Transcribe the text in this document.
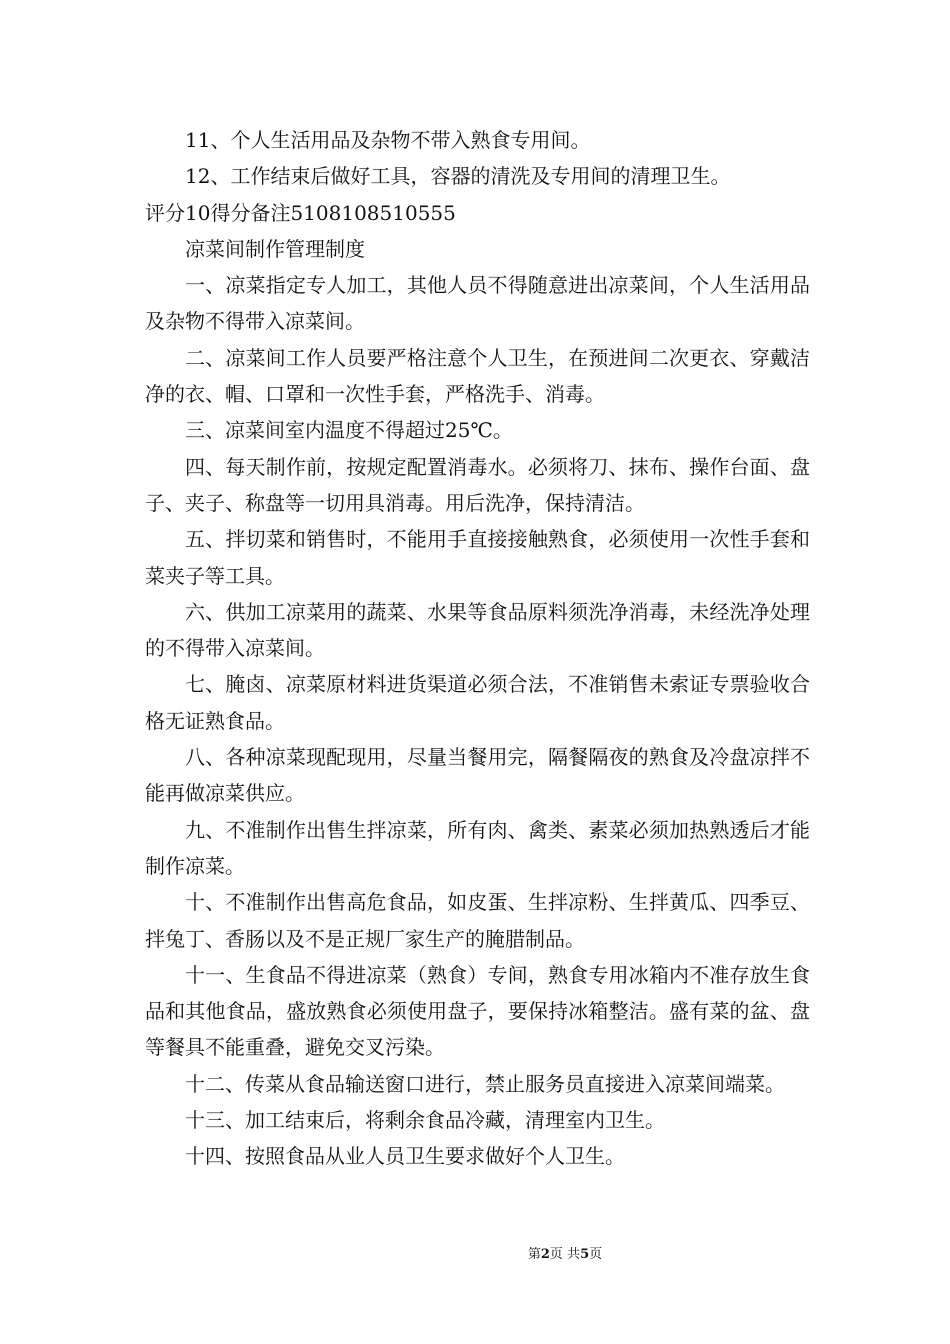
11、个人生活用品及杂物不带入熟食专用间。

12、工作结束后做好工具，容器的清洗及专用间的清理卫生。

评分10得分备注5108108510555

凉菜间制作管理制度

一、凉菜指定专人加工，其他人员不得随意进出凉菜间，个人生活用品及杂物不得带入凉菜间。

二、凉菜间工作人员要严格注意个人卫生，在预进间二次更衣、穿戴洁净的衣、帽、口罩和一次性手套，严格洗手、消毒。

三、凉菜间室内温度不得超过25℃。

四、每天制作前，按规定配置消毒水。必须将刀、抹布、操作台面、盘子、夹子、称盘等一切用具消毒。用后洗净，保持清洁。

五、拌切菜和销售时，不能用手直接接触熟食，必须使用一次性手套和菜夹子等工具。

六、供加工凉菜用的蔬菜、水果等食品原料须洗净消毒，未经洗净处理的不得带入凉菜间。

七、腌卤、凉菜原材料进货渠道必须合法，不准销售未索证专票验收合格无证熟食品。

八、各种凉菜现配现用，尽量当餐用完，隔餐隔夜的熟食及冷盘凉拌不能再做凉菜供应。

九、不准制作出售生拌凉菜，所有肉、禽类、素菜必须加热熟透后才能制作凉菜。

十、不准制作出售高危食品，如皮蛋、生拌凉粉、生拌黄瓜、四季豆、拌兔丁、香肠以及不是正规厂家生产的腌腊制品。

十一、生食品不得进凉菜（熟食）专间，熟食专用冰箱内不准存放生食品和其他食品，盛放熟食必须使用盘子，要保持冰箱整洁。盛有菜的盆、盘等餐具不能重叠，避免交叉污染。

十二、传菜从食品输送窗口进行，禁止服务员直接进入凉菜间端菜。

十三、加工结束后，将剩余食品冷藏，清理室内卫生。

十四、按照食品从业人员卫生要求做好个人卫生。

第2页 共5页
